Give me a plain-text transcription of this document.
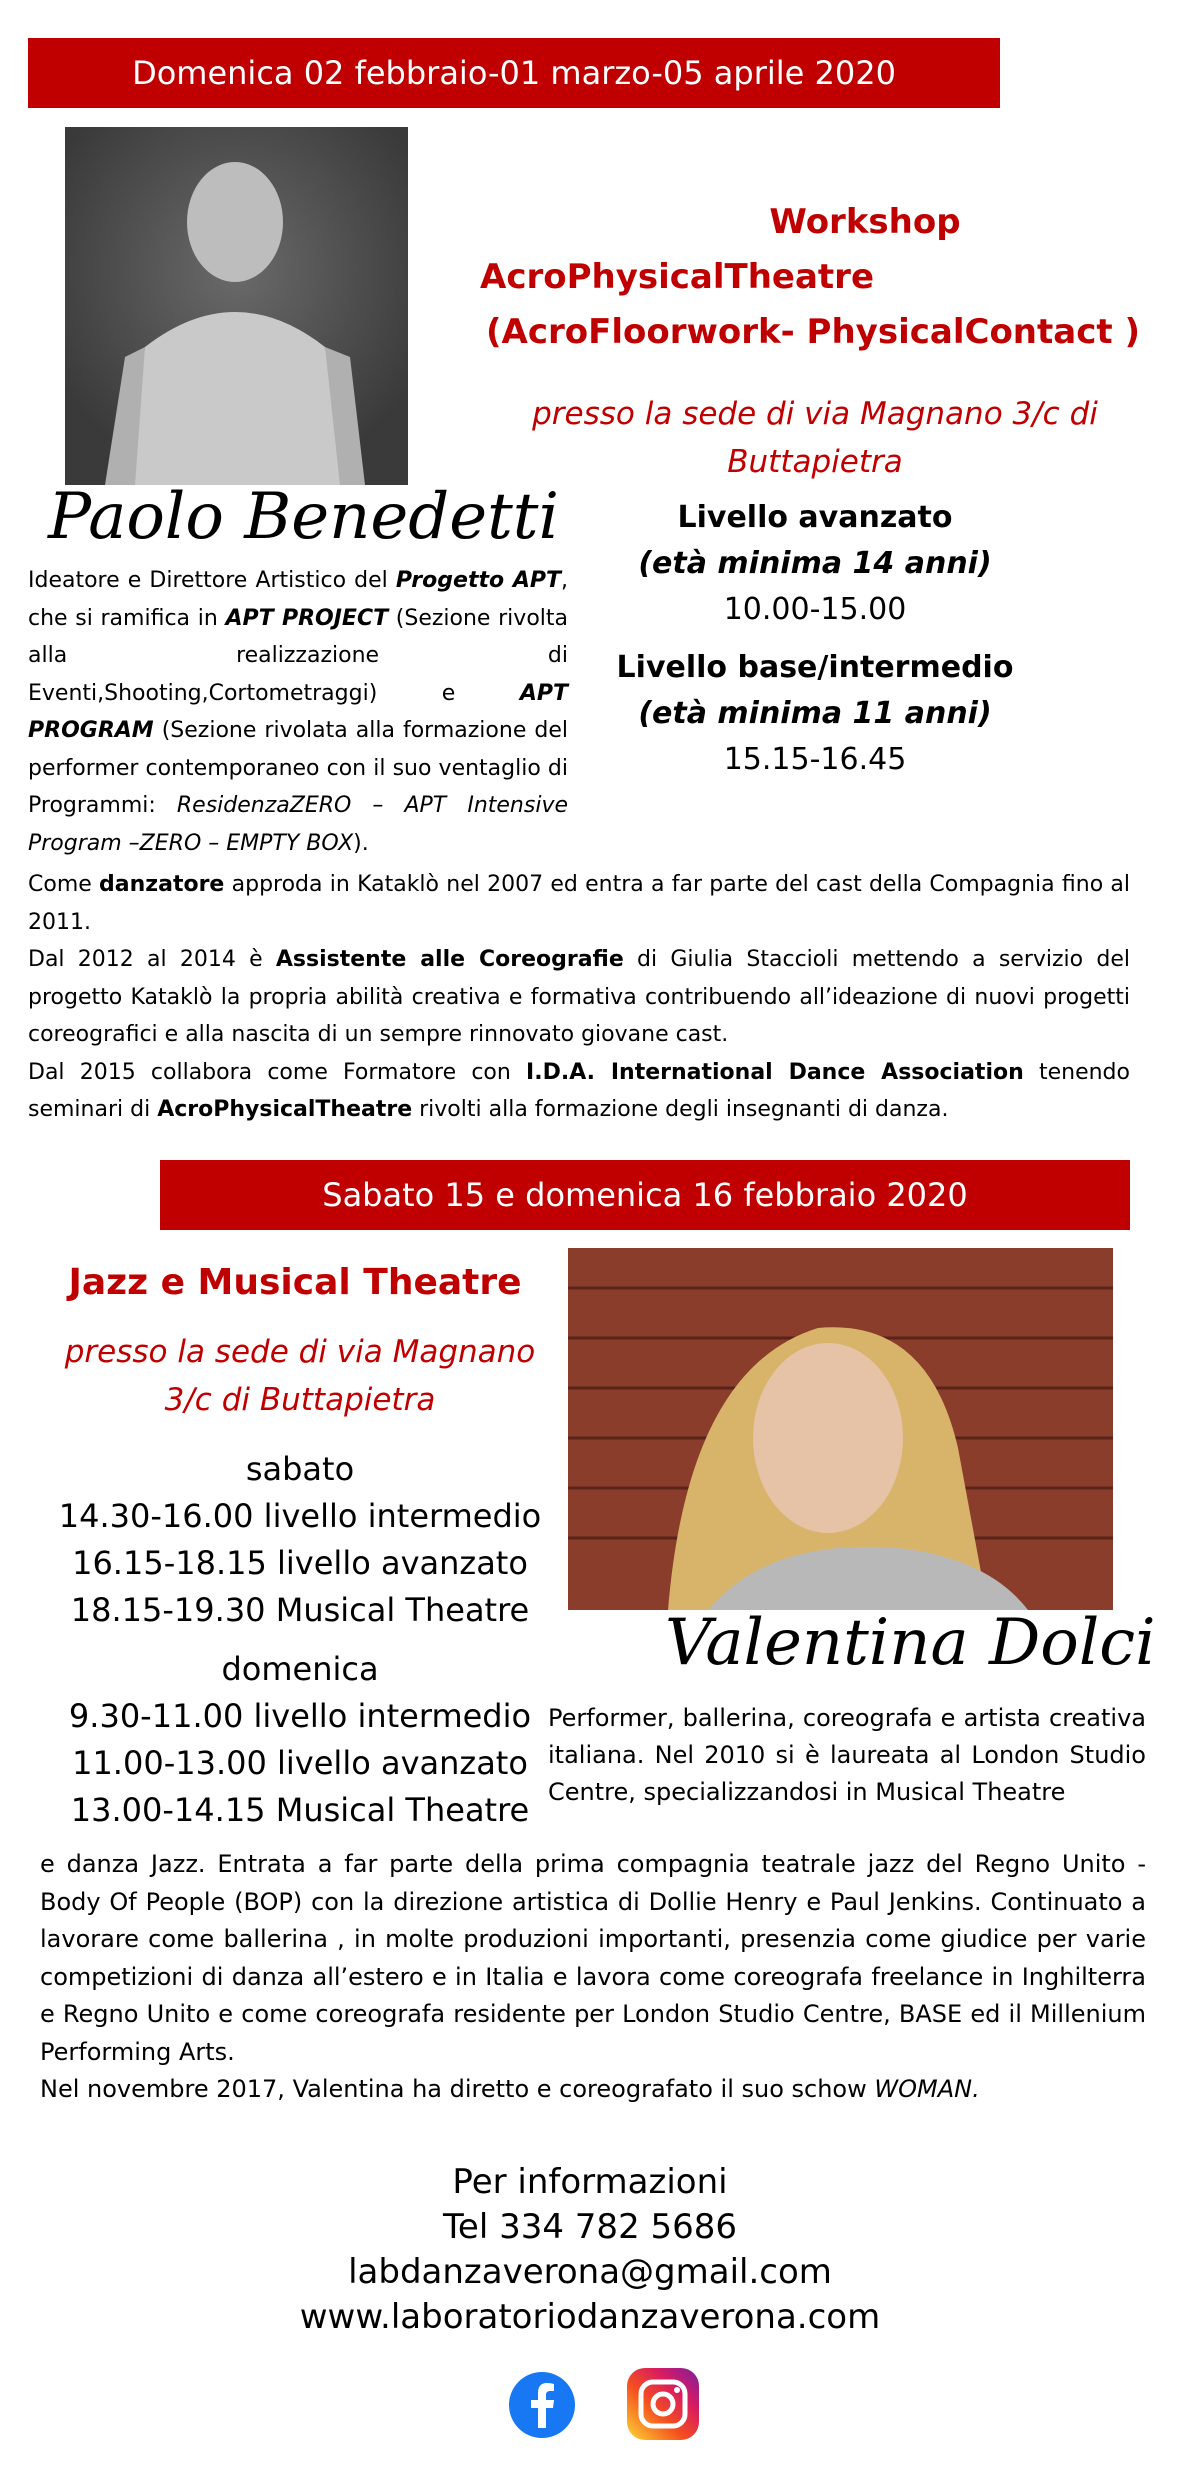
Domenica 02 febbraio-01 marzo-05 aprile 2020
Paolo Benedetti
Workshop
AcroPhysicalTheatre
(AcroFloorwork- PhysicalContact )
presso la sede di via Magnano 3/c di Buttapietra
Livello avanzato
(età minima 14 anni)
10.00-15.00
Livello base/intermedio
(età minima 11 anni)
15.15-16.45
Ideatore e Direttore Artistico del Progetto APT, che si ramifica in APT PROJECT (Sezione rivolta alla realizzazione di Eventi,Shooting,Cortometraggi) e APT PROGRAM (Sezione rivolata alla formazione del performer contemporaneo con il suo ventaglio di Programmi: ResidenzaZERO – APT Intensive Program –ZERO – EMPTY BOX).
Come danzatore approda in Kataklò nel 2007 ed entra a far parte del cast della Compagnia fino al 2011.
Dal 2012 al 2014 è Assistente alle Coreografie di Giulia Staccioli mettendo a servizio del progetto Kataklò la propria abilità creativa e formativa contribuendo all’ideazione di nuovi progetti coreografici e alla nascita di un sempre rinnovato giovane cast.
Dal 2015 collabora come Formatore con I.D.A. International Dance Association tenendo seminari di AcroPhysicalTheatre rivolti alla formazione degli insegnanti di danza.
Sabato 15 e domenica 16 febbraio 2020
Jazz e Musical Theatre
presso la sede di via Magnano 3/c di Buttapietra
sabato
14.30-16.00 livello intermedio
16.15-18.15 livello avanzato
18.15-19.30 Musical Theatre
domenica
9.30-11.00 livello intermedio
11.00-13.00 livello avanzato
13.00-14.15 Musical Theatre
Valentina Dolci
Performer, ballerina, coreografa e artista creativa italiana. Nel 2010 si è laureata al London Studio Centre, specializzandosi in Musical Theatre
e danza Jazz. Entrata a far parte della prima compagnia teatrale jazz del Regno Unito - Body Of People (BOP) con la direzione artistica di Dollie Henry e Paul Jenkins. Continuato a lavorare come ballerina , in molte produzioni importanti, presenzia come giudice per varie competizioni di danza all’estero e in Italia e lavora come coreografa freelance in Inghilterra e Regno Unito e come coreografa residente per London Studio Centre, BASE ed il Millenium Performing Arts.
Nel novembre 2017, Valentina ha diretto e coreografato il suo schow WOMAN.
Per informazioni
Tel 334 782 5686
labdanzaverona@gmail.com
www.laboratoriodanzaverona.com
